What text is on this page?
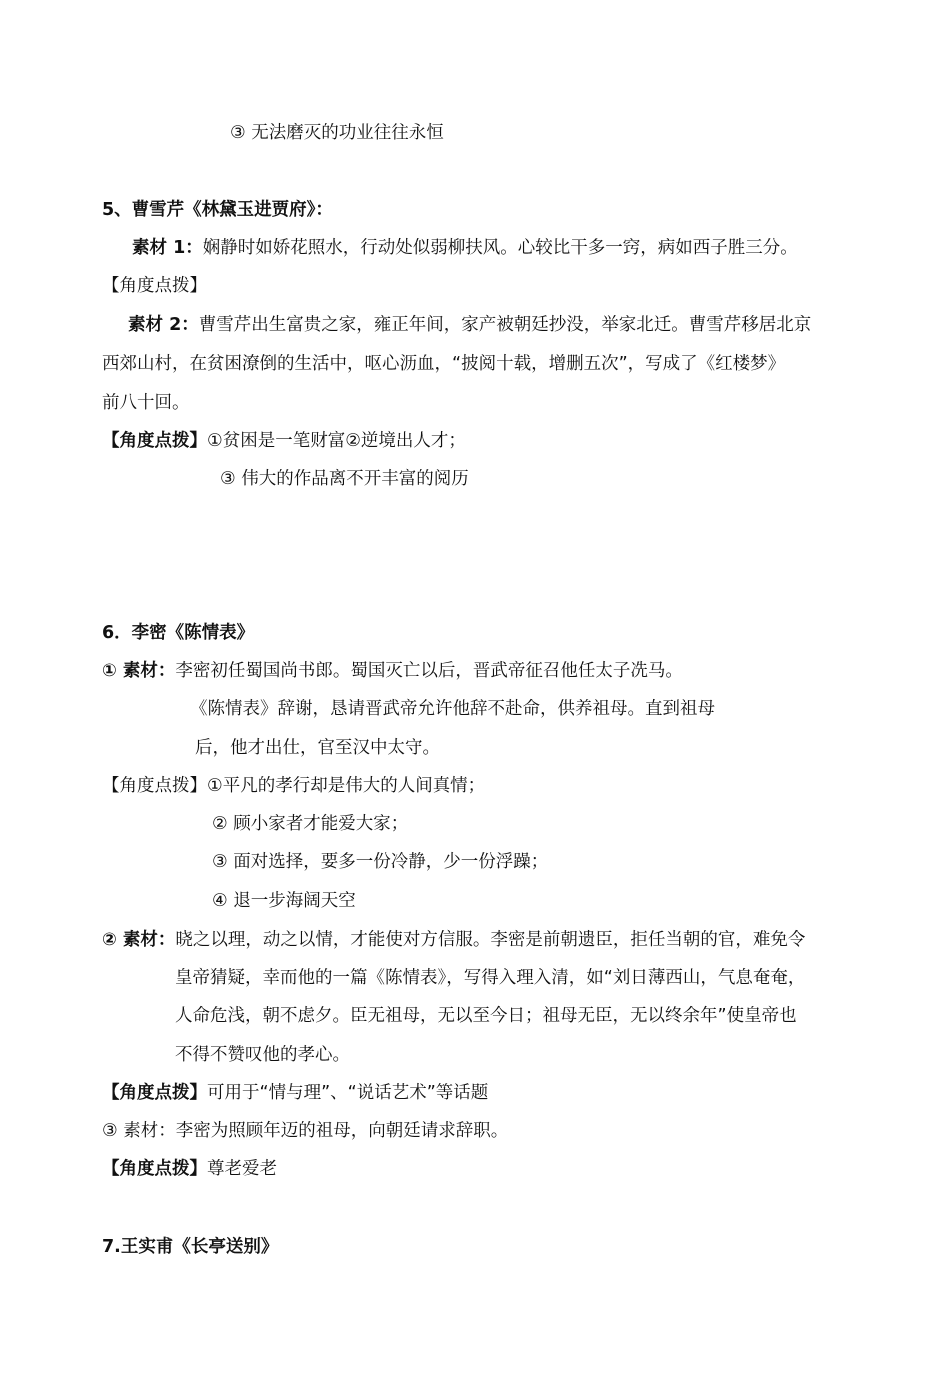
③ 无法磨灭的功业往往永恒
5、曹雪芹《林黛玉进贾府》：
素材 1：娴静时如娇花照水，行动处似弱柳扶风。心较比干多一窍，病如西子胜三分。
【角度点拨】
素材 2：曹雪芹出生富贵之家，雍正年间，家产被朝廷抄没，举家北迁。曹雪芹移居北京
西郊山村，在贫困潦倒的生活中，呕心沥血，“披阅十载，增删五次”，写成了《红楼梦》
前八十回。
【角度点拨】①贫困是一笔财富②逆境出人才；
③ 伟大的作品离不开丰富的阅历
6．李密《陈情表》
① 素材：李密初任蜀国尚书郎。蜀国灭亡以后，晋武帝征召他任太子冼马。
《陈情表》辞谢，恳请晋武帝允许他辞不赴命，供养祖母。直到祖母
后，他才出仕，官至汉中太守。
【角度点拨】①平凡的孝行却是伟大的人间真情；
② 顾小家者才能爱大家；
③ 面对选择，要多一份冷静，少一份浮躁；
④ 退一步海阔天空
② 素材：晓之以理，动之以情，才能使对方信服。李密是前朝遗臣，拒任当朝的官，难免令
皇帝猜疑，幸而他的一篇《陈情表》，写得入理入清，如“刘日薄西山，气息奄奄，
人命危浅，朝不虑夕。臣无祖母，无以至今日；祖母无臣，无以终余年”使皇帝也
不得不赞叹他的孝心。
【角度点拨】可用于“情与理”、“说话艺术”等话题
③ 素材：李密为照顾年迈的祖母，向朝廷请求辞职。
【角度点拨】尊老爱老
7.王实甫《长亭送别》
